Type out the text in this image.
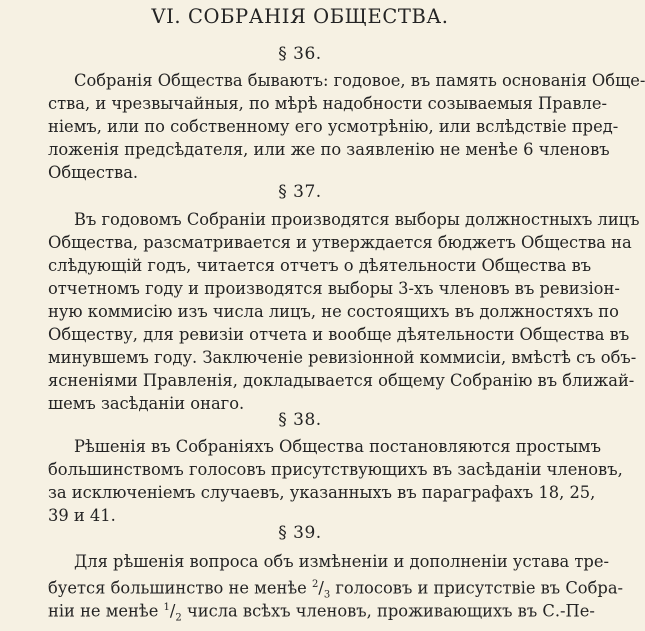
VI. СОБРАНІЯ ОБЩЕСТВА.
§ 36.
Собранія Общества бываютъ: годовое, въ память основанія Обще-
ства, и чрезвычайныя, по мѣрѣ надобности созываемыя Правле-
ніемъ, или по собственному его усмотрѣнію, или вслѣдствіе пред-
ложенія предсѣдателя, или же по заявленію не менѣе 6 членовъ
Общества.
§ 37.
Въ годовомъ Собраніи производятся выборы должностныхъ лицъ
Общества, разсматривается и утверждается бюджетъ Общества на
слѣдующій годъ, читается отчетъ о дѣятельности Общества въ
отчетномъ году и производятся выборы 3-хъ членовъ въ ревизіон-
ную коммисію изъ числа лицъ, не состоящихъ въ должностяхъ по
Обществу, для ревизіи отчета и вообще дѣятельности Общества въ
минувшемъ году. Заключеніе ревизіонной коммисіи, вмѣстѣ съ объ-
ясненіями Правленія, докладывается общему Собранію въ ближай-
шемъ засѣданіи онаго.
§ 38.
Рѣшенія въ Собраніяхъ Общества постановляются простымъ
большинствомъ голосовъ присутствующихъ въ засѣданіи членовъ,
за исключеніемъ случаевъ, указанныхъ въ параграфахъ 18, 25,
39 и 41.
§ 39.
Для рѣшенія вопроса объ измѣненіи и дополненіи устава тре-
буется большинство не менѣе $^2/_3$ голосовъ и присутствіе въ Собра-
ніи не менѣе $^1/_2$ числа всѣхъ членовъ, проживающихъ въ С.-Пе-
